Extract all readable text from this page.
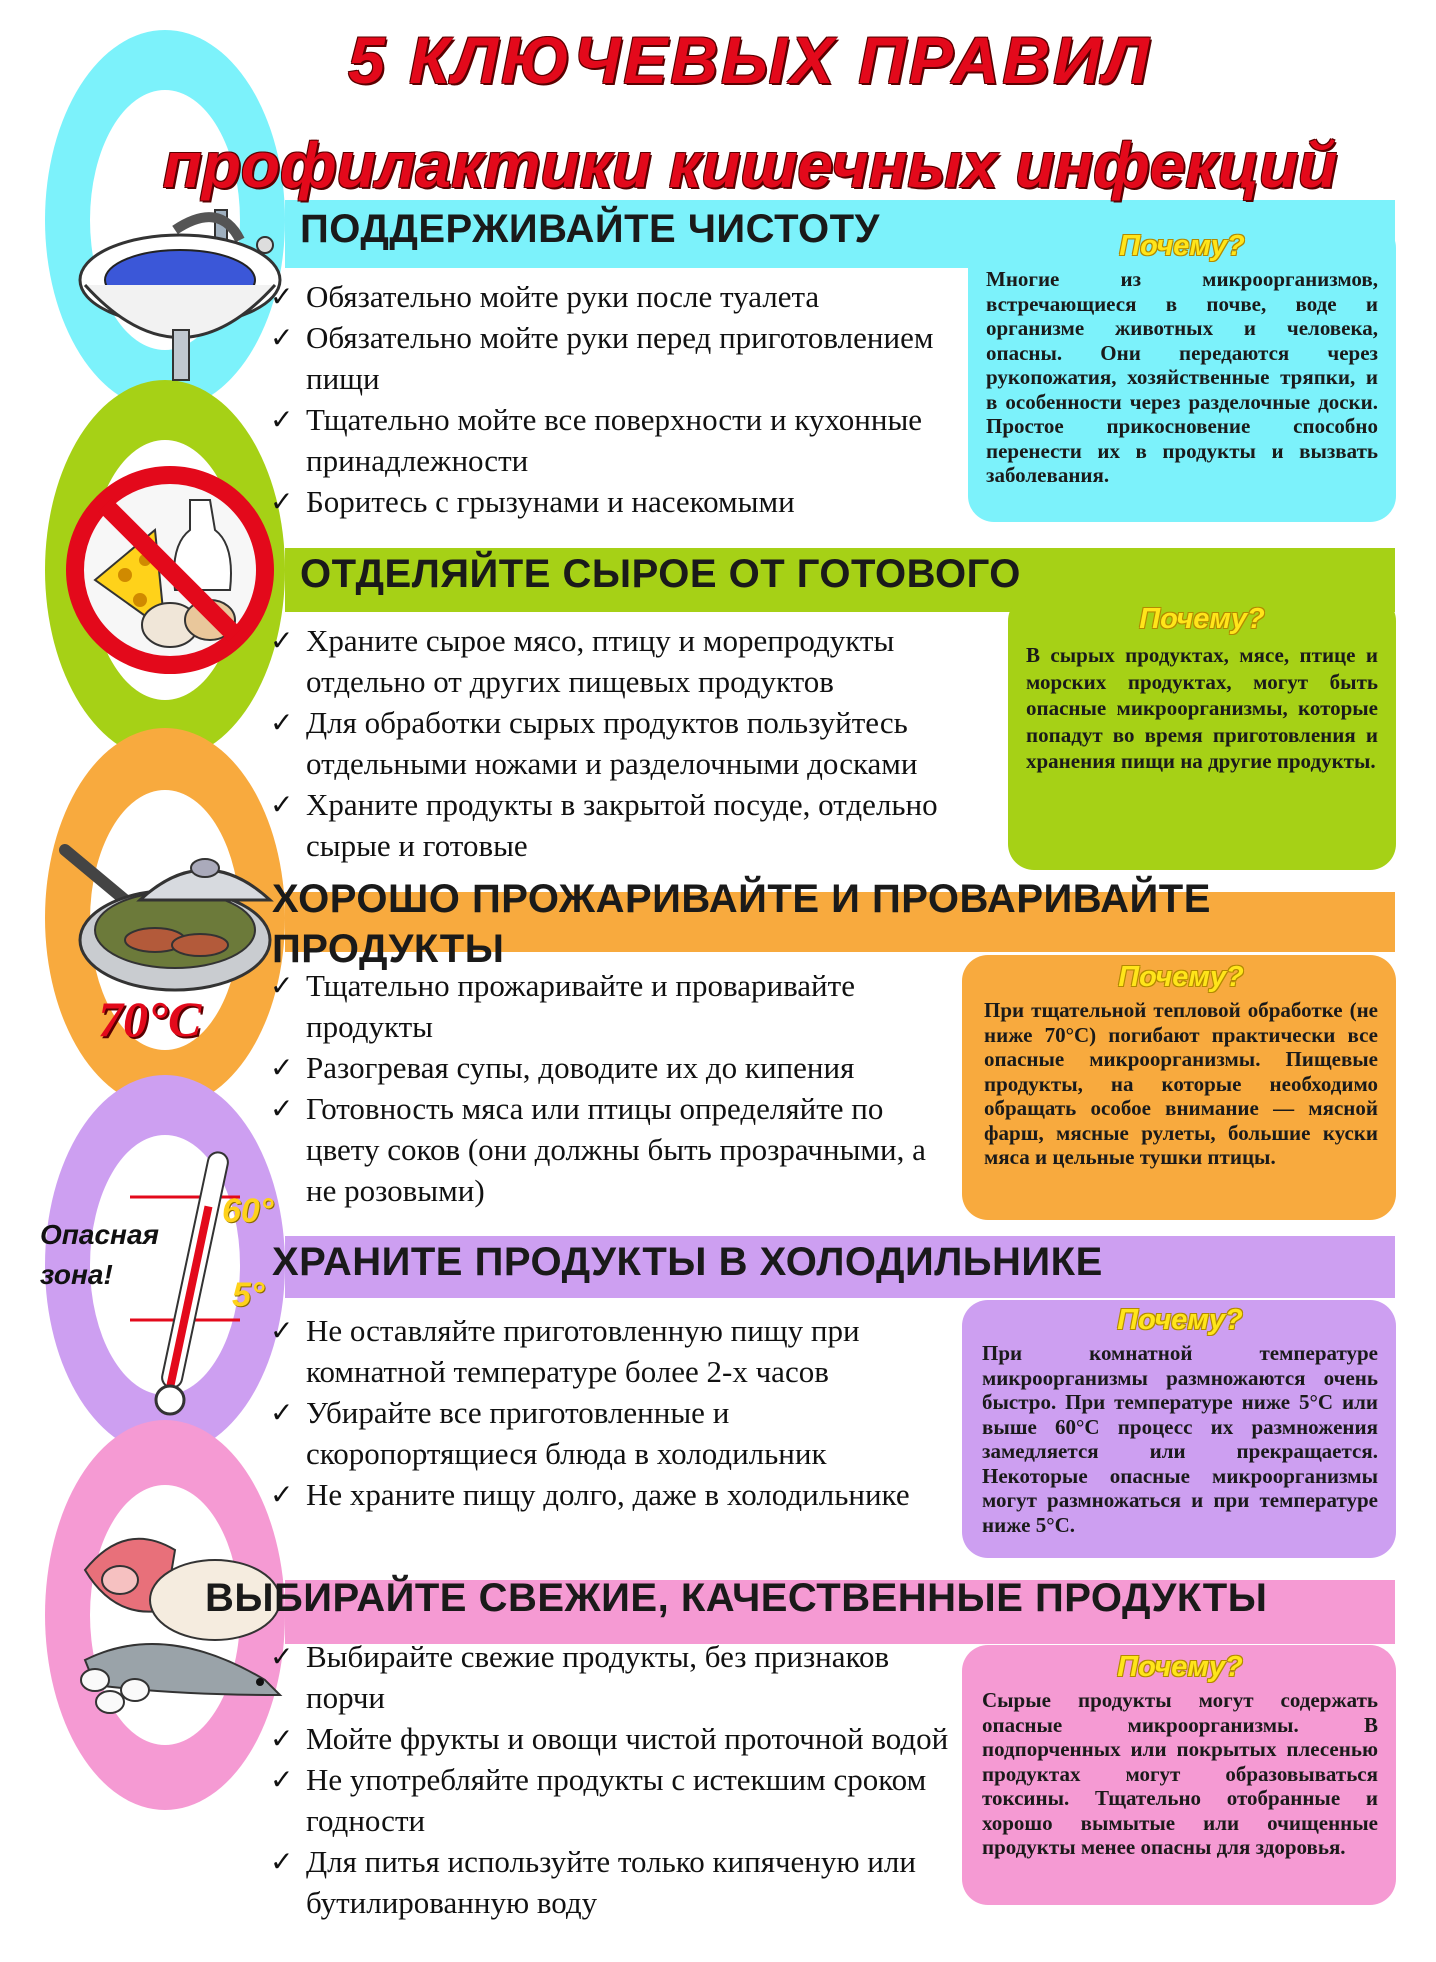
5 КЛЮЧЕВЫХ ПРАВИЛ
профилактики кишечных инфекций
70°С
Опасная зона!
60°
5°
ПОДДЕРЖИВАЙТЕ ЧИСТОТУ
✓ Обязательно мойте руки после туалета
✓ Обязательно мойте руки перед приготовлением пищи
✓ Тщательно мойте все поверхности и кухонные принадлежности
✓ Боритесь с грызунами и насекомыми
Почему?
Многие из микроорганизмов, встречающиеся в почве, воде и организме животных и человека, опасны. Они передаются через рукопожатия, хозяйственные тряпки, и в особенности через разделочные доски. Простое прикосновение способно перенести их в продукты и вызвать заболевания.
ОТДЕЛЯЙТЕ СЫРОЕ ОТ ГОТОВОГО
✓ Храните сырое мясо, птицу и морепродукты отдельно от других пищевых продуктов
✓ Для обработки сырых продуктов пользуйтесь отдельными ножами и разделочными досками
✓ Храните продукты в закрытой посуде, отдельно сырые и готовые
Почему?
В сырых продуктах, мясе, птице и морских продуктах, могут быть опасные микроорганизмы, которые попадут во время приготовления и хранения пищи на другие продукты.
ХОРОШО ПРОЖАРИВАЙТЕ И ПРОВАРИВАЙТЕ ПРОДУКТЫ
✓ Тщательно прожаривайте и проваривайте продукты
✓ Разогревая супы, доводите их до кипения
✓ Готовность мяса или птицы определяйте по цвету соков (они должны быть прозрачными, а не розовыми)
Почему?
При тщательной тепловой обработке (не ниже 70°С) погибают практически все опасные микроорганизмы. Пищевые продукты, на которые необходимо обращать особое внимание — мясной фарш, мясные рулеты, большие куски мяса и цельные тушки птицы.
ХРАНИТЕ ПРОДУКТЫ В ХОЛОДИЛЬНИКЕ
✓ Не оставляйте приготовленную пищу при комнатной температуре более 2-х часов
✓ Убирайте все приготовленные и скоропортящиеся блюда в холодильник
✓ Не храните пищу долго, даже в холодильнике
Почему?
При комнатной температуре микроорганизмы размножаются очень быстро. При температуре ниже 5°С или выше 60°С процесс их размножения замедляется или прекращается. Некоторые опасные микроорганизмы могут размножаться и при температуре ниже 5°С.
ВЫБИРАЙТЕ СВЕЖИЕ, КАЧЕСТВЕННЫЕ ПРОДУКТЫ
✓ Выбирайте свежие продукты, без признаков порчи
✓ Мойте фрукты и овощи чистой проточной водой
✓ Не употребляйте продукты с истекшим сроком годности
✓ Для питья используйте только кипяченую или бутилированную воду
Почему?
Сырые продукты могут содержать опасные микроорганизмы. В подпорченных или покрытых плесенью продуктах могут образовываться токсины. Тщательно отобранные и хорошо вымытые или очищенные продукты менее опасны для здоровья.
